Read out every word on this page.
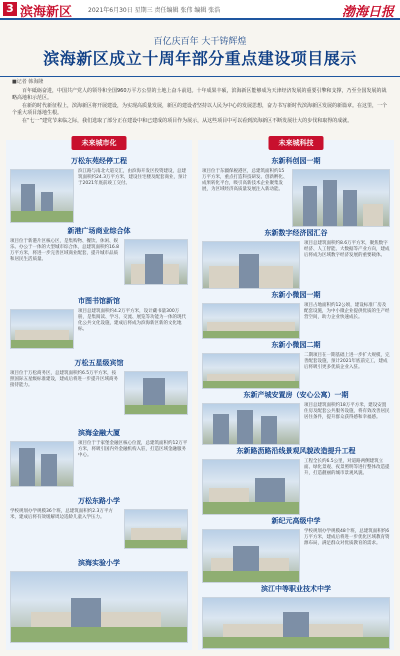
3 滨海新区	2021年6月30日 星期三 责任编辑 张伟 编辑 张浩	渤海日报
百亿庆百年 大干铸辉煌
滨海新区成立十周年部分重点建设项目展示
■记者 韩海隆

百年砥砺奋进，中国共产党人的领导和全国960万平方公里的土地上奋斗前进。十年成果丰硕，滨海新区能够成为天津经济发展的重要引擎和支撑，乃至全国发展的战略高地和示范区。

在新的时代新征程上，滨海新区将开展建设，为实现高质量发展，新区的建设者坚持以人民为中心的发展思想，奋力书写新时代滨海新区发展的新篇章。在这里，一个个重大项目落地生根。

在“七一”建党节来临之际，我们选取了部分正在建设中和已建成的项目作为展示，从这些项目中可以看到滨海新区不断发展壮大的步伐和取得的成就。

未来城市化
万松东苑经停工程
滨江路与南北大道交汇，由滨海开发区投资建设，总建筑面积约24.3万平方米，建设住宅楼及配套商业，预计于2021年底前竣工交付。
新港广场商业综合体
项目位于新港片区核心区，是集购物、餐饮、休闲、娱乐、办公于一体的大型城市综合体，总建筑面积约16.8万平方米，将进一步完善区域商业配套，提升城市品质和居民生活质量。
市图书馆新馆
项目总建筑面积约4.2万平方米，设计藏书量300万册，是集阅读、学习、交流、展览等功能为一体的现代化公共文化设施，建成后将成为滨海新区新的文化地标。
万松五星级宾馆
项目位于万松商务区，总建筑面积约6.5万平方米，按照国际五星级标准建设，建成后将进一步提升区域商务接待能力。
滨海金融大厦
项目位于于家堡金融区核心位置，总建筑面积约12万平方米，将吸引国内外金融机构入驻，打造区域金融服务中心。
万松东路小学
学校规划办学规模36个班，总建筑面积约2.3万平方米，建成后将有效缓解周边适龄儿童入学压力。
滨海实验小学
未来城科技
东新科创园一期
项目位于东疆保税港区，总建筑面积约15万平方米，重点打造科技研发、创新孵化、成果转化平台，吸引高新技术企业聚集发展，为区域经济高质量发展注入新动能。
东新数字经济园汇谷
项目总建筑面积约8.6万平方米，聚焦数字经济、人工智能、大数据等产业方向，建成后将成为区域数字经济发展的重要载体。
东新小微园一期
项目占地面积约12公顷，建设标准厂房及配套设施，为中小微企业提供优质的生产经营空间，助力企业快速成长。
东新小微园二期
二期项目在一期基础上进一步扩大规模，完善配套设施，预计2021年底前完工，建成后将吸引更多优质企业入驻。
东新产城安置房（安心公寓）一期
项目总建筑面积约18万平方米，建设安置住房及配套公共服务设施，将有效改善居民居住条件，提升群众获得感和幸福感。
东新路沥路沿线景观风貌改造提升工程
工程全长约6.5公里，对道路两侧建筑立面、绿化景观、夜景照明等进行整体改造提升，打造靓丽的城市景观风貌。
新纪元高级中学
学校规划办学规模48个班，总建筑面积约6万平方米，建成后将进一步优化区域教育资源布局，满足群众对优质教育的需求。
滨江中等职业技术中学
